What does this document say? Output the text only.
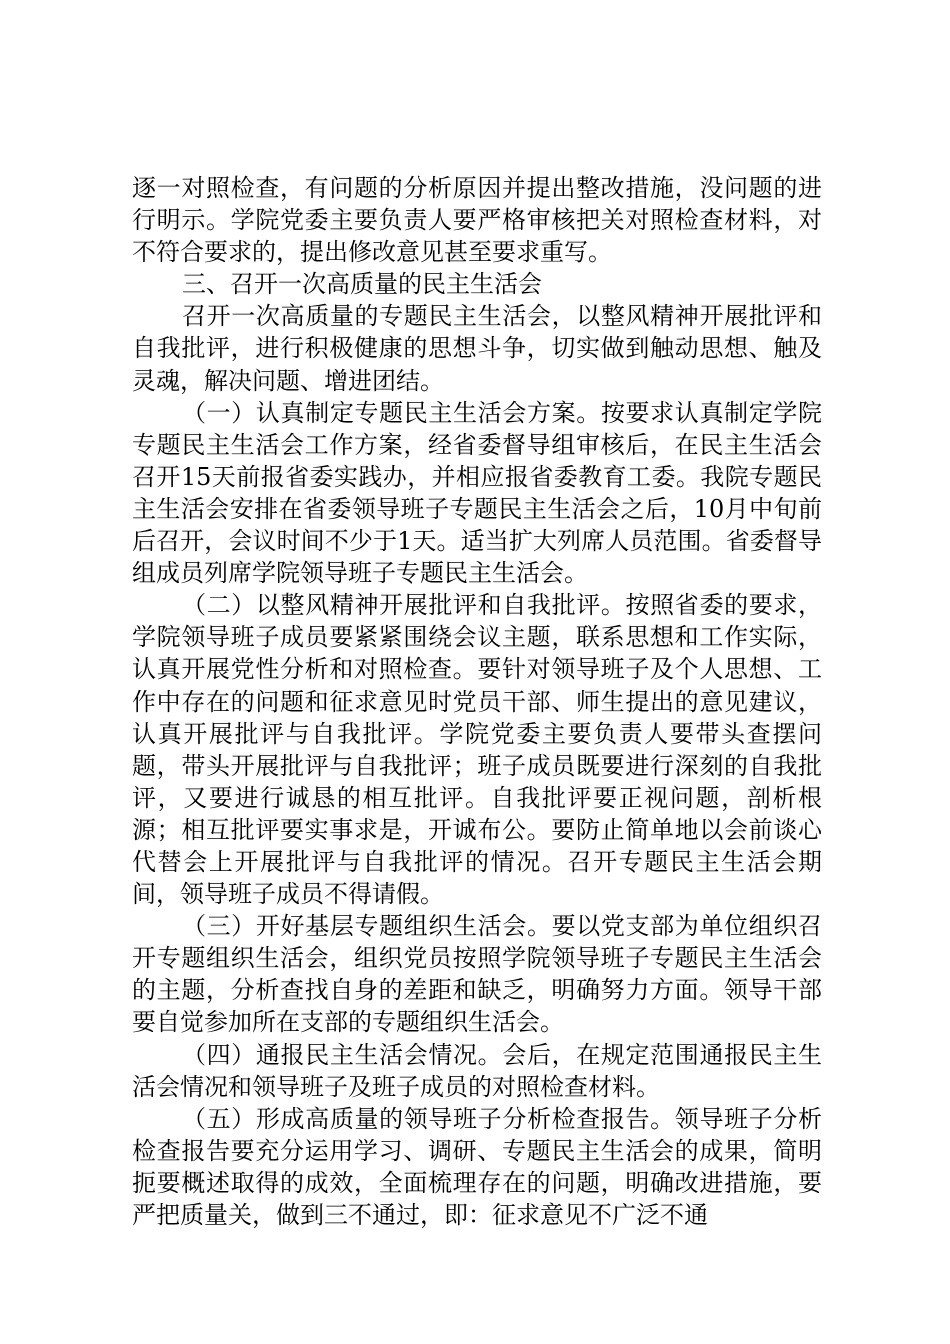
逐一对照检查，有问题的分析原因并提出整改措施，没问题的进行明示。学院党委主要负责人要严格审核把关对照检查材料，对不符合要求的，提出修改意见甚至要求重写。

三、召开一次高质量的民主生活会

召开一次高质量的专题民主生活会，以整风精神开展批评和自我批评，进行积极健康的思想斗争，切实做到触动思想、触及灵魂，解决问题、增进团结。

（一）认真制定专题民主生活会方案。按要求认真制定学院专题民主生活会工作方案，经省委督导组审核后，在民主生活会召开15天前报省委实践办，并相应报省委教育工委。我院专题民主生活会安排在省委领导班子专题民主生活会之后，10月中旬前后召开，会议时间不少于1天。适当扩大列席人员范围。省委督导组成员列席学院领导班子专题民主生活会。

（二）以整风精神开展批评和自我批评。按照省委的要求，学院领导班子成员要紧紧围绕会议主题，联系思想和工作实际，认真开展党性分析和对照检查。要针对领导班子及个人思想、工作中存在的问题和征求意见时党员干部、师生提出的意见建议，认真开展批评与自我批评。学院党委主要负责人要带头查摆问题，带头开展批评与自我批评；班子成员既要进行深刻的自我批评，又要进行诚恳的相互批评。自我批评要正视问题，剖析根源；相互批评要实事求是，开诚布公。要防止简单地以会前谈心代替会上开展批评与自我批评的情况。召开专题民主生活会期间，领导班子成员不得请假。

（三）开好基层专题组织生活会。要以党支部为单位组织召开专题组织生活会，组织党员按照学院领导班子专题民主生活会的主题，分析查找自身的差距和缺乏，明确努力方面。领导干部要自觉参加所在支部的专题组织生活会。

（四）通报民主生活会情况。会后，在规定范围通报民主生活会情况和领导班子及班子成员的对照检查材料。

（五）形成高质量的领导班子分析检查报告。领导班子分析检查报告要充分运用学习、调研、专题民主生活会的成果，简明扼要概述取得的成效，全面梳理存在的问题，明确改进措施，要严把质量关，做到三不通过，即：征求意见不广泛不通
